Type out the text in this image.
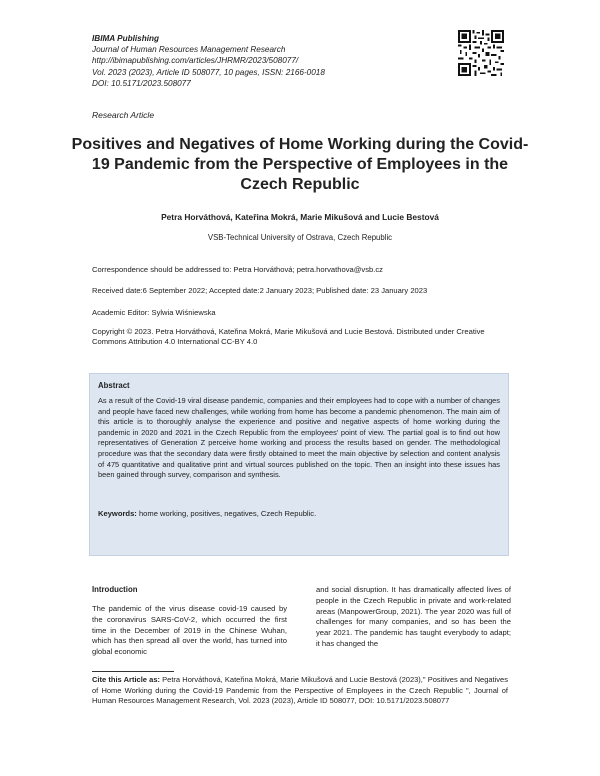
IBIMA Publishing
Journal of Human Resources Management Research
http://ibimapublishing.com/articles/JHRMR/2023/508077/
Vol. 2023 (2023), Article ID 508077, 10 pages, ISSN: 2166-0018
DOI: 10.5171/2023.508077
Research Article
Positives and Negatives of Home Working during the Covid-19 Pandemic from the Perspective of Employees in the Czech Republic
Petra Horváthová, Kateřina Mokrá, Marie Mikušová and Lucie Bestová
VSB-Technical University of Ostrava, Czech Republic
Correspondence should be addressed to: Petra Horváthová; petra.horvathova@vsb.cz
Received date:6 September 2022; Accepted date:2 January 2023; Published date: 23 January 2023
Academic Editor: Sylwia Wiśniewska
Copyright © 2023. Petra Horváthová, Kateřina Mokrá, Marie Mikušová and Lucie Bestová. Distributed under Creative Commons Attribution 4.0 International CC-BY 4.0
Abstract
As a result of the Covid-19 viral disease pandemic, companies and their employees had to cope with a number of changes and people have faced new challenges, while working from home has become a pandemic phenomenon. The main aim of this article is to thoroughly analyse the experience and positive and negative aspects of home working during the pandemic in 2020 and 2021 in the Czech Republic from the employees' point of view. The partial goal is to find out how representatives of Generation Z perceive home working and process the results based on gender. The methodological procedure was that the secondary data were firstly obtained to meet the main objective by selection and content analysis of 475 quantitative and qualitative print and virtual sources published on the topic. Then an insight into these issues has been gained through survey, comparison and synthesis.
Keywords: home working, positives, negatives, Czech Republic.
Introduction
The pandemic of the virus disease covid-19 caused by the coronavirus SARS-CoV-2, which occurred the first time in the December of 2019 in the Chinese Wuhan, which has then spread all over the world, has turned into global economic
and social disruption. It has dramatically affected lives of people in the Czech Republic in private and work-related areas (ManpowerGroup, 2021). The year 2020 was full of challenges for many companies, and so has been the year 2021. The pandemic has taught everybody to adapt; it has changed the
Cite this Article as: Petra Horváthová, Kateřina Mokrá, Marie Mikušová and Lucie Bestová (2023)," Positives and Negatives of Home Working during the Covid-19 Pandemic from the Perspective of Employees in the Czech Republic ", Journal of Human Resources Management Research, Vol. 2023 (2023), Article ID 508077, DOI: 10.5171/2023.508077
